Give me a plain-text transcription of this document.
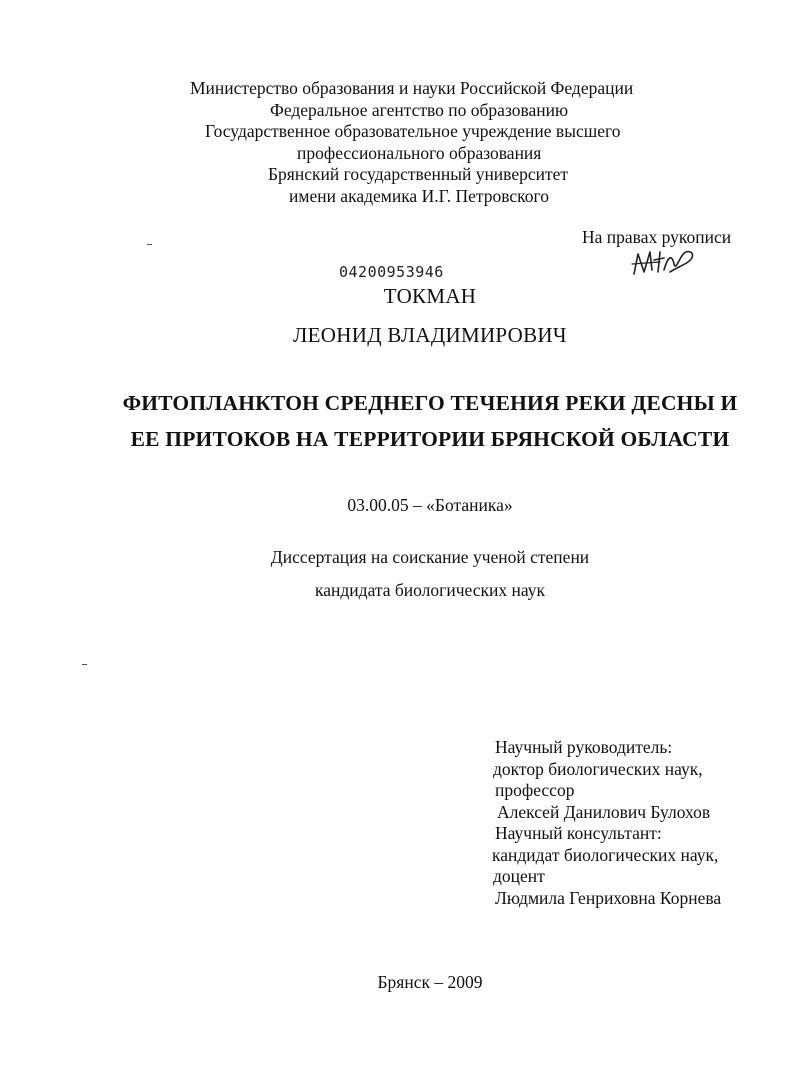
Министерство образования и науки Российской Федерации
Федеральное агентство по образованию
Государственное образовательное учреждение высшего
профессионального образования
Брянский государственный университет
имени академика И.Г. Петровского
На правах рукописи
04200953946
ТОКМАН
ЛЕОНИД ВЛАДИМИРОВИЧ
ФИТОПЛАНКТОН СРЕДНЕГО ТЕЧЕНИЯ РЕКИ ДЕСНЫ И
ЕЕ ПРИТОКОВ НА ТЕРРИТОРИИ БРЯНСКОЙ ОБЛАСТИ
03.00.05 – «Ботаника»
Диссертация на соискание ученой степени
кандидата биологических наук
Научный руководитель:
доктор биологических наук,
профессор
Алексей Данилович Булохов
Научный консультант:
кандидат биологических наук,
доцент
Людмила Генриховна Корнева
Брянск – 2009
